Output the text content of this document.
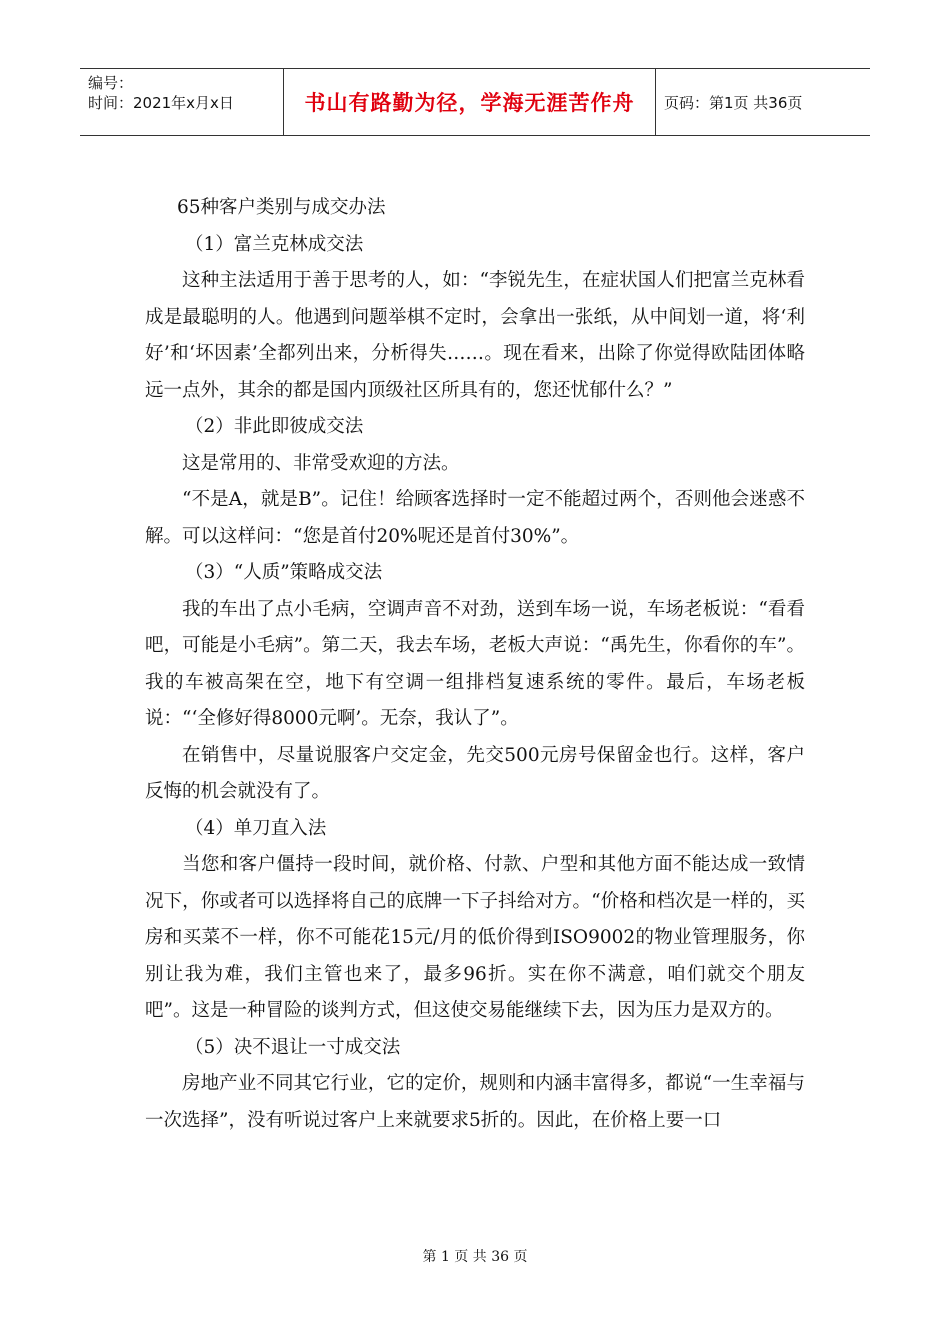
编号：
时间：2021年x月x日	书山有路勤为径，学海无涯苦作舟	页码：第1页 共36页

65种客户类别与成交办法

（1）富兰克林成交法

这种主法适用于善于思考的人，如：“李锐先生，在症状国人们把富兰克林看成是最聪明的人。他遇到问题举棋不定时，会拿出一张纸，从中间划一道，将‘利好’和‘坏因素’全都列出来，分析得失……。现在看来，出除了你觉得欧陆团体略远一点外，其余的都是国内顶级社区所具有的，您还忧郁什么？”

（2）非此即彼成交法

这是常用的、非常受欢迎的方法。

“不是A，就是B”。记住！给顾客选择时一定不能超过两个，否则他会迷惑不解。可以这样问：“您是首付20%呢还是首付30%”。

（3）“人质”策略成交法

我的车出了点小毛病，空调声音不对劲，送到车场一说，车场老板说：“看看吧，可能是小毛病”。第二天，我去车场，老板大声说：“禹先生，你看你的车”。我的车被高架在空，地下有空调一组排档复速系统的零件。最后，车场老板说：“‘全修好得8000元啊’。无奈，我认了”。

在销售中，尽量说服客户交定金，先交500元房号保留金也行。这样，客户反悔的机会就没有了。

（4）单刀直入法

当您和客户僵持一段时间，就价格、付款、户型和其他方面不能达成一致情况下，你或者可以选择将自己的底牌一下子抖给对方。“价格和档次是一样的，买房和买菜不一样，你不可能花15元/月的低价得到ISO9002的物业管理服务，你别让我为难，我们主管也来了，最多96折。实在你不满意，咱们就交个朋友吧”。这是一种冒险的谈判方式，但这使交易能继续下去，因为压力是双方的。

（5）决不退让一寸成交法

房地产业不同其它行业，它的定价，规则和内涵丰富得多，都说“一生幸福与一次选择”，没有听说过客户上来就要求5折的。因此，在价格上要一口

第 1 页 共 36 页
